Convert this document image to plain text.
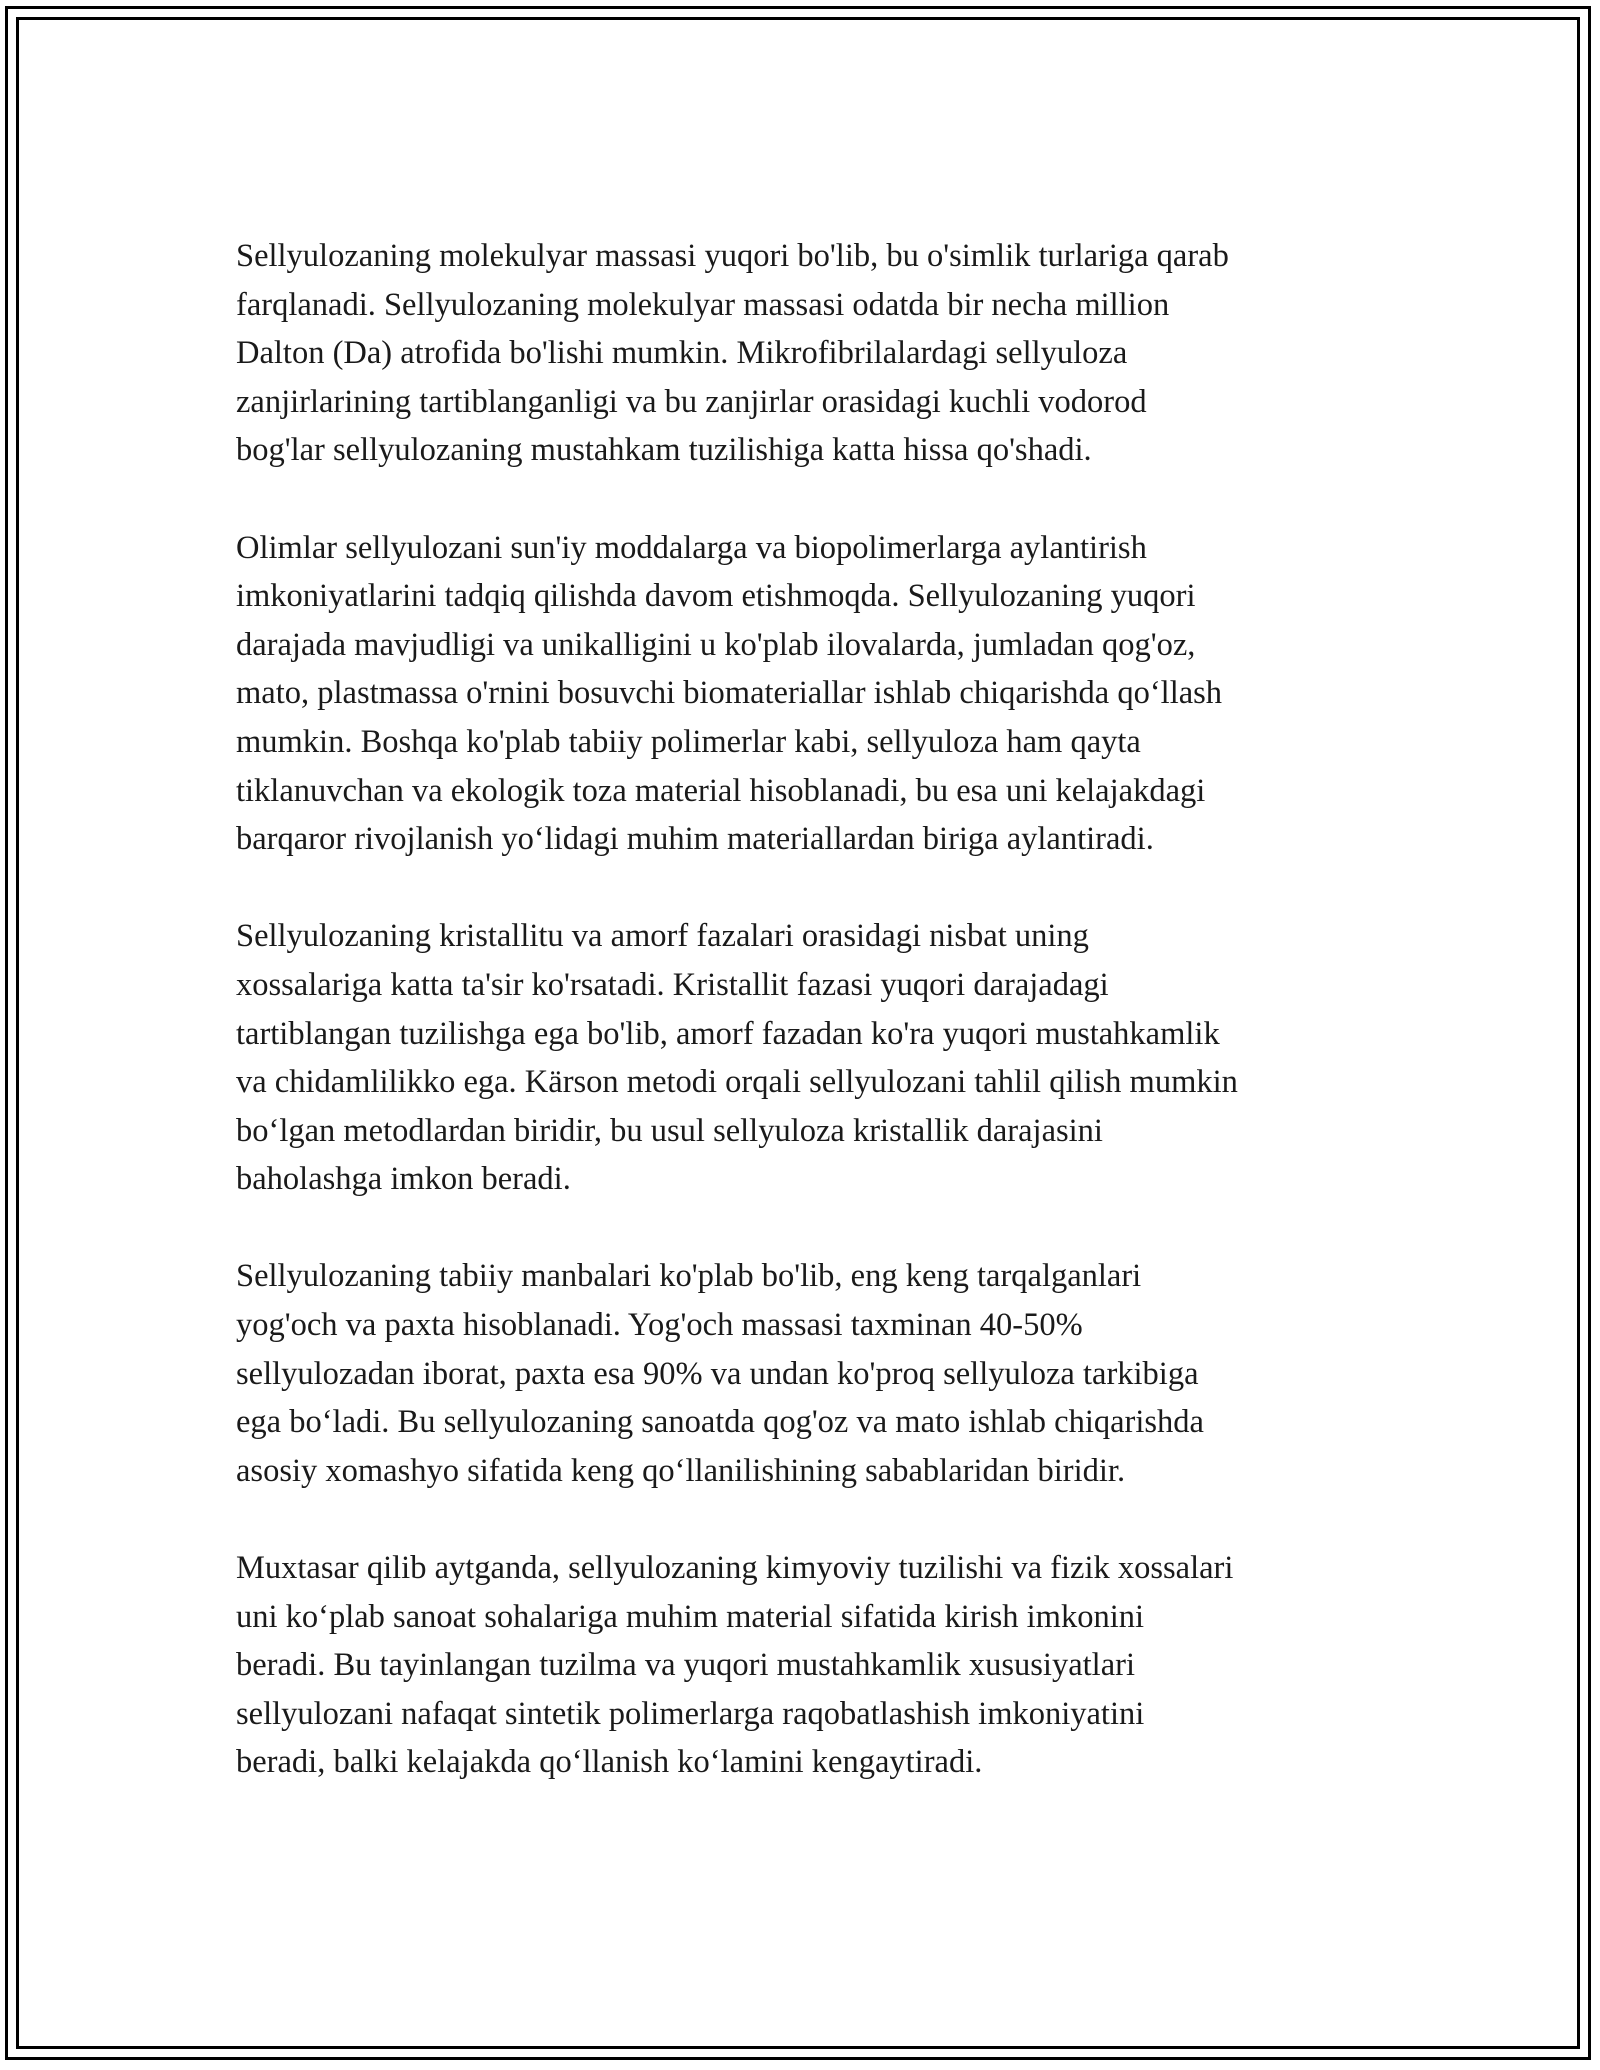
Sellyulozaning molekulyar massasi yuqori bo'lib, bu o'simlik turlariga qarab
farqlanadi. Sellyulozaning molekulyar massasi odatda bir necha million
Dalton (Da) atrofida bo'lishi mumkin. Mikrofibrilalardagi sellyuloza
zanjirlarining tartiblanganligi va bu zanjirlar orasidagi kuchli vodorod
bog'lar sellyulozaning mustahkam tuzilishiga katta hissa qo'shadi.

Olimlar sellyulozani sun'iy moddalarga va biopolimerlarga aylantirish
imkoniyatlarini tadqiq qilishda davom etishmoqda. Sellyulozaning yuqori
darajada mavjudligi va unikalligini u ko'plab ilovalarda, jumladan qog'oz,
mato, plastmassa o'rnini bosuvchi biomateriallar ishlab chiqarishda qo‘llash
mumkin. Boshqa ko'plab tabiiy polimerlar kabi, sellyuloza ham qayta
tiklanuvchan va ekologik toza material hisoblanadi, bu esa uni kelajakdagi
barqaror rivojlanish yo‘lidagi muhim materiallardan biriga aylantiradi.

Sellyulozaning kristallitu va amorf fazalari orasidagi nisbat uning
xossalariga katta ta'sir ko'rsatadi. Kristallit fazasi yuqori darajadagi
tartiblangan tuzilishga ega bo'lib, amorf fazadan ko'ra yuqori mustahkamlik
va chidamlilikko ega. Kärson metodi orqali sellyulozani tahlil qilish mumkin
bo‘lgan metodlardan biridir, bu usul sellyuloza kristallik darajasini
baholashga imkon beradi.

Sellyulozaning tabiiy manbalari ko'plab bo'lib, eng keng tarqalganlari
yog'och va paxta hisoblanadi. Yog'och massasi taxminan 40-50%
sellyulozadan iborat, paxta esa 90% va undan ko'proq sellyuloza tarkibiga
ega bo‘ladi. Bu sellyulozaning sanoatda qog'oz va mato ishlab chiqarishda
asosiy xomashyo sifatida keng qo‘llanilishining sabablaridan biridir.

Muxtasar qilib aytganda, sellyulozaning kimyoviy tuzilishi va fizik xossalari
uni ko‘plab sanoat sohalariga muhim material sifatida kirish imkonini
beradi. Bu tayinlangan tuzilma va yuqori mustahkamlik xususiyatlari
sellyulozani nafaqat sintetik polimerlarga raqobatlashish imkoniyatini
beradi, balki kelajakda qo‘llanish ko‘lamini kengaytiradi.
